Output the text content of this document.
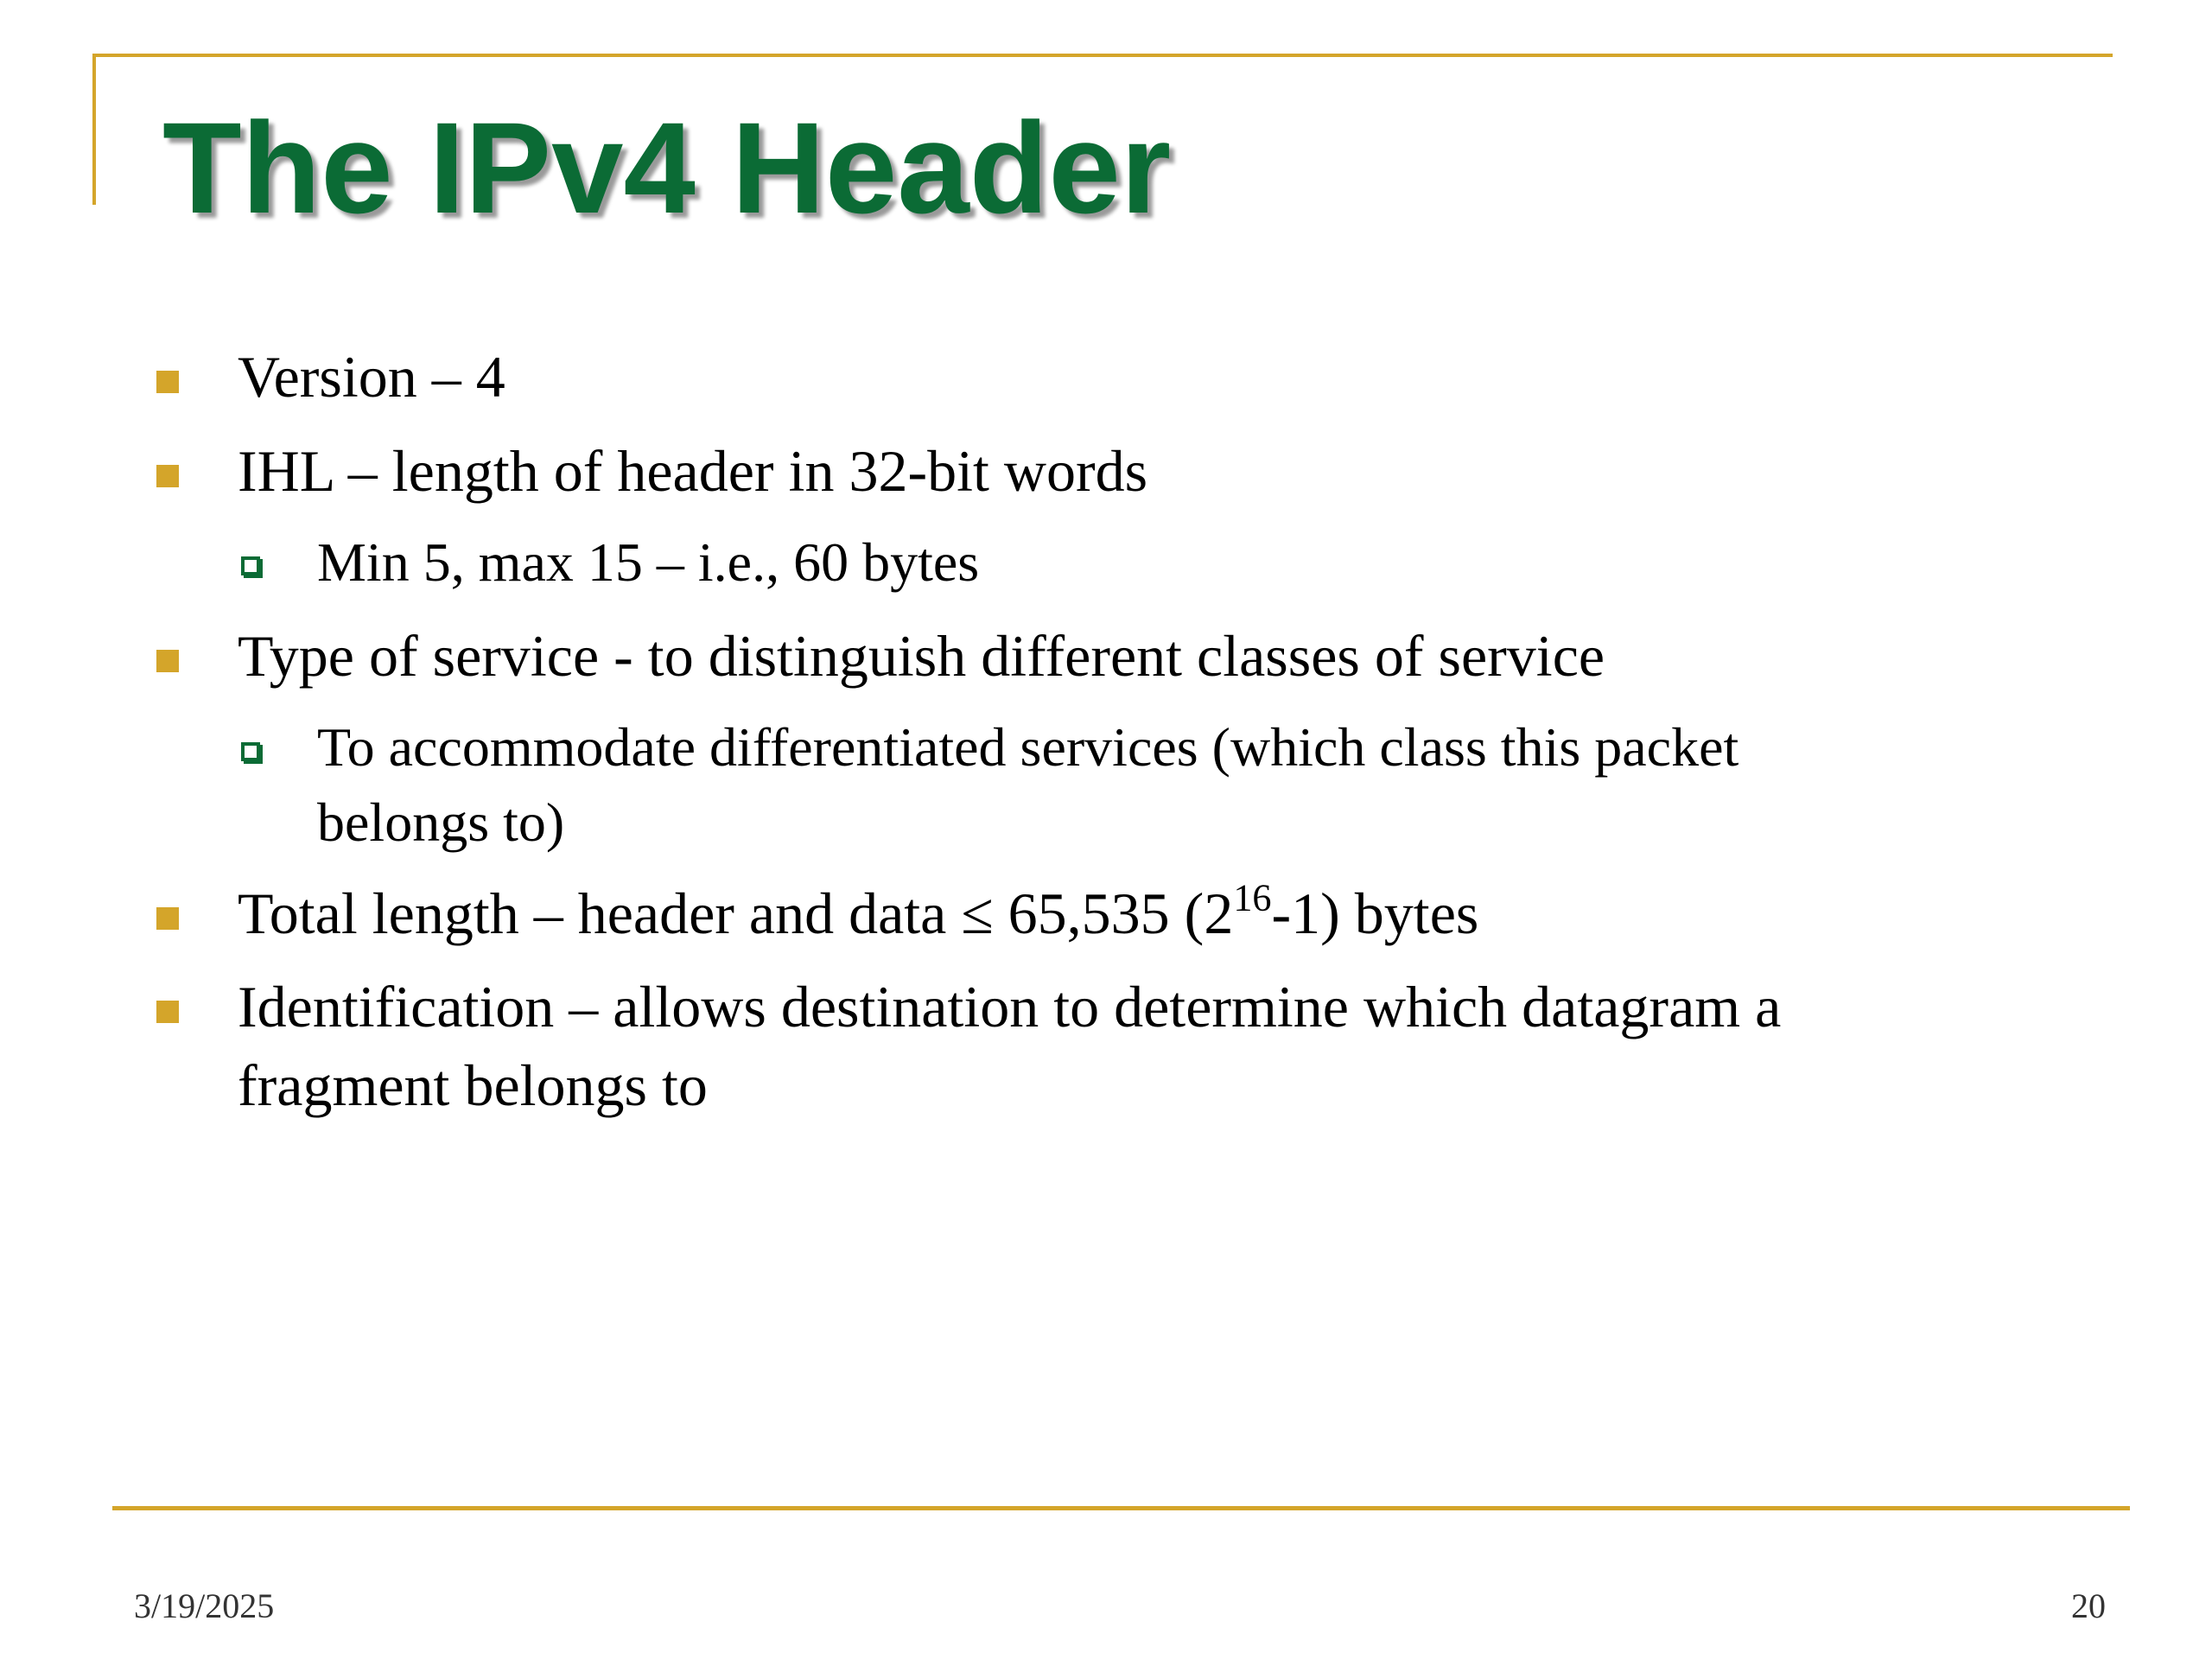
The IPv4 Header
Version – 4
IHL – length of header in 32-bit words
Min 5, max 15 – i.e., 60 bytes
Type of service - to distinguish different classes of service
To accommodate differentiated services (which class this packet
belongs to)
Total length – header and data ≤ 65,535 $(2^{16}-1)$ bytes
Identification – allows destination to determine which datagram a
fragment belongs to
3/19/2025	20
